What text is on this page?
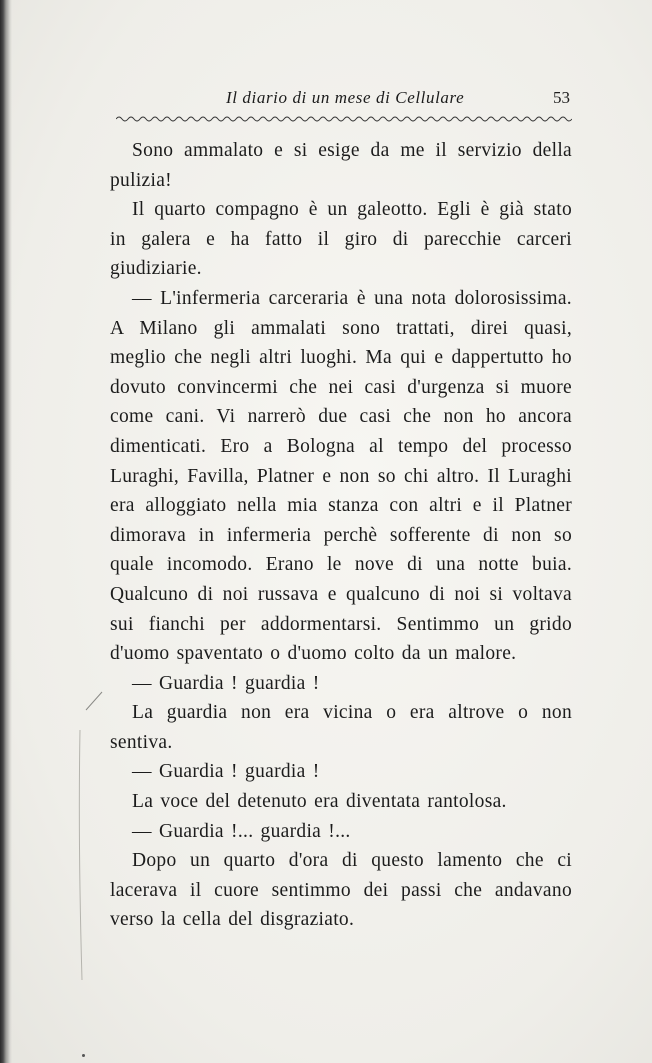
Il diario di un mese di Cellulare	53

Sono ammalato e si esige da me il servizio della pulizia!

Il quarto compagno è un galeotto. Egli è già stato in galera e ha fatto il giro di parecchie carceri giudiziarie.

— L'infermeria carceraria è una nota dolorosissima. A Milano gli ammalati sono trattati, direi quasi, meglio che negli altri luoghi. Ma qui e dappertutto ho dovuto convincermi che nei casi d'urgenza si muore come cani. Vi narrerò due casi che non ho ancora dimenticati. Ero a Bologna al tempo del processo Luraghi, Favilla, Platner e non so chi altro. Il Luraghi era alloggiato nella mia stanza con altri e il Platner dimorava in infermeria perchè sofferente di non so quale incomodo. Erano le nove di una notte buia. Qualcuno di noi russava e qualcuno di noi si voltava sui fianchi per addormentarsi. Sentimmo un grido d'uomo spaventato o d'uomo colto da un malore.

— Guardia ! guardia !

La guardia non era vicina o era altrove o non sentiva.

— Guardia ! guardia !

La voce del detenuto era diventata rantolosa.

— Guardia !... guardia !...

Dopo un quarto d'ora di questo lamento che ci lacerava il cuore sentimmo dei passi che andavano verso la cella del disgraziato.
